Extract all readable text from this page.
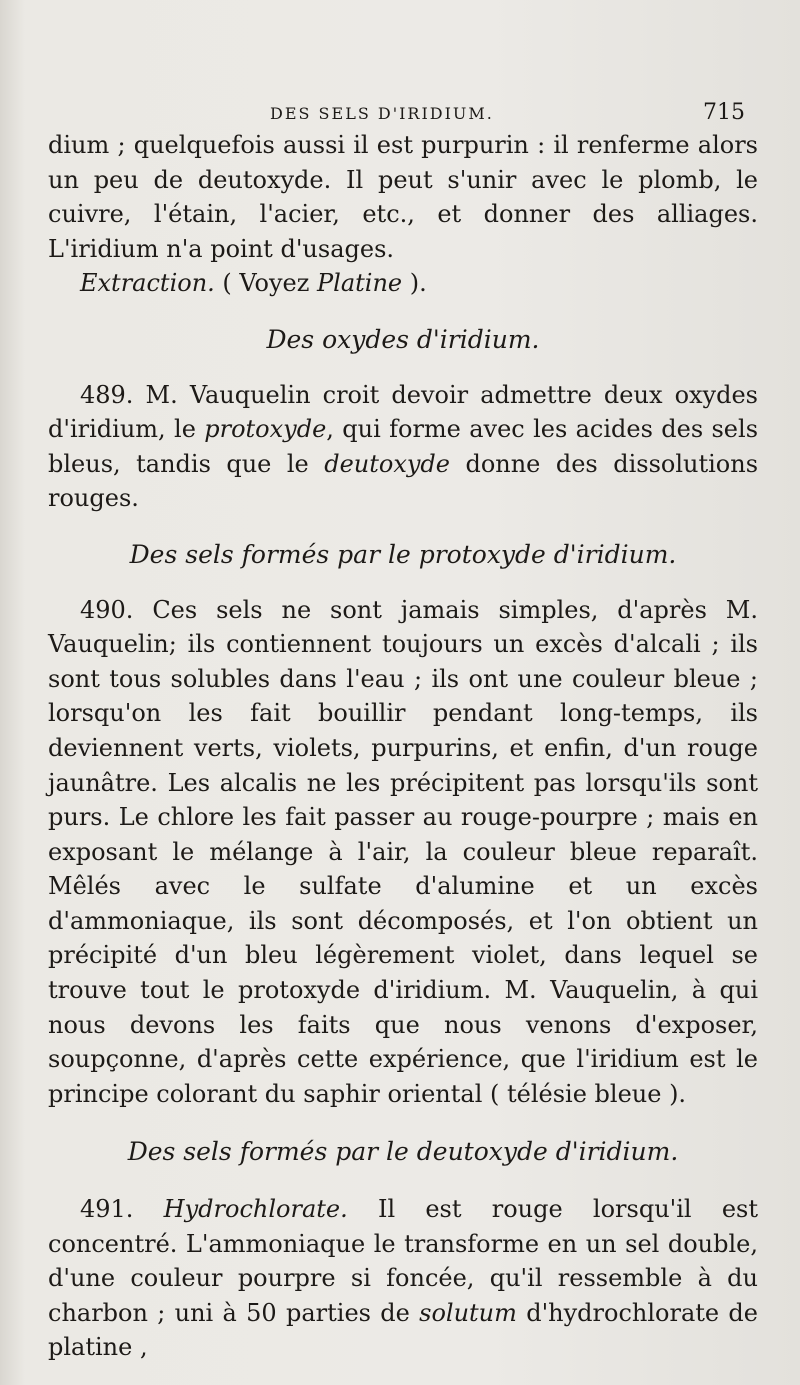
DES SELS D'IRIDIUM.	715

dium ; quelquefois aussi il est purpurin : il renferme alors un peu de deutoxyde. Il peut s'unir avec le plomb, le cuivre, l'étain, l'acier, etc., et donner des alliages. L'iridium n'a point d'usages.

Extraction. ( Voyez Platine ).

Des oxydes d'iridium.

489. M. Vauquelin croit devoir admettre deux oxydes d'iridium, le protoxyde, qui forme avec les acides des sels bleus, tandis que le deutoxyde donne des dissolutions rouges.

Des sels formés par le protoxyde d'iridium.

490. Ces sels ne sont jamais simples, d'après M. Vauquelin; ils contiennent toujours un excès d'alcali ; ils sont tous solubles dans l'eau ; ils ont une couleur bleue ; lorsqu'on les fait bouillir pendant long-temps, ils deviennent verts, violets, purpurins, et enfin, d'un rouge jaunâtre. Les alcalis ne les précipitent pas lorsqu'ils sont purs. Le chlore les fait passer au rouge-pourpre ; mais en exposant le mélange à l'air, la couleur bleue reparaît. Mêlés avec le sulfate d'alumine et un excès d'ammoniaque, ils sont décomposés, et l'on obtient un précipité d'un bleu légèrement violet, dans lequel se trouve tout le protoxyde d'iridium. M. Vauquelin, à qui nous devons les faits que nous venons d'exposer, soupçonne, d'après cette expérience, que l'iridium est le principe colorant du saphir oriental ( télésie bleue ).

Des sels formés par le deutoxyde d'iridium.

491. Hydrochlorate. Il est rouge lorsqu'il est concentré. L'ammoniaque le transforme en un sel double, d'une couleur pourpre si foncée, qu'il ressemble à du charbon ; uni à 50 parties de solutum d'hydrochlorate de platine ,
